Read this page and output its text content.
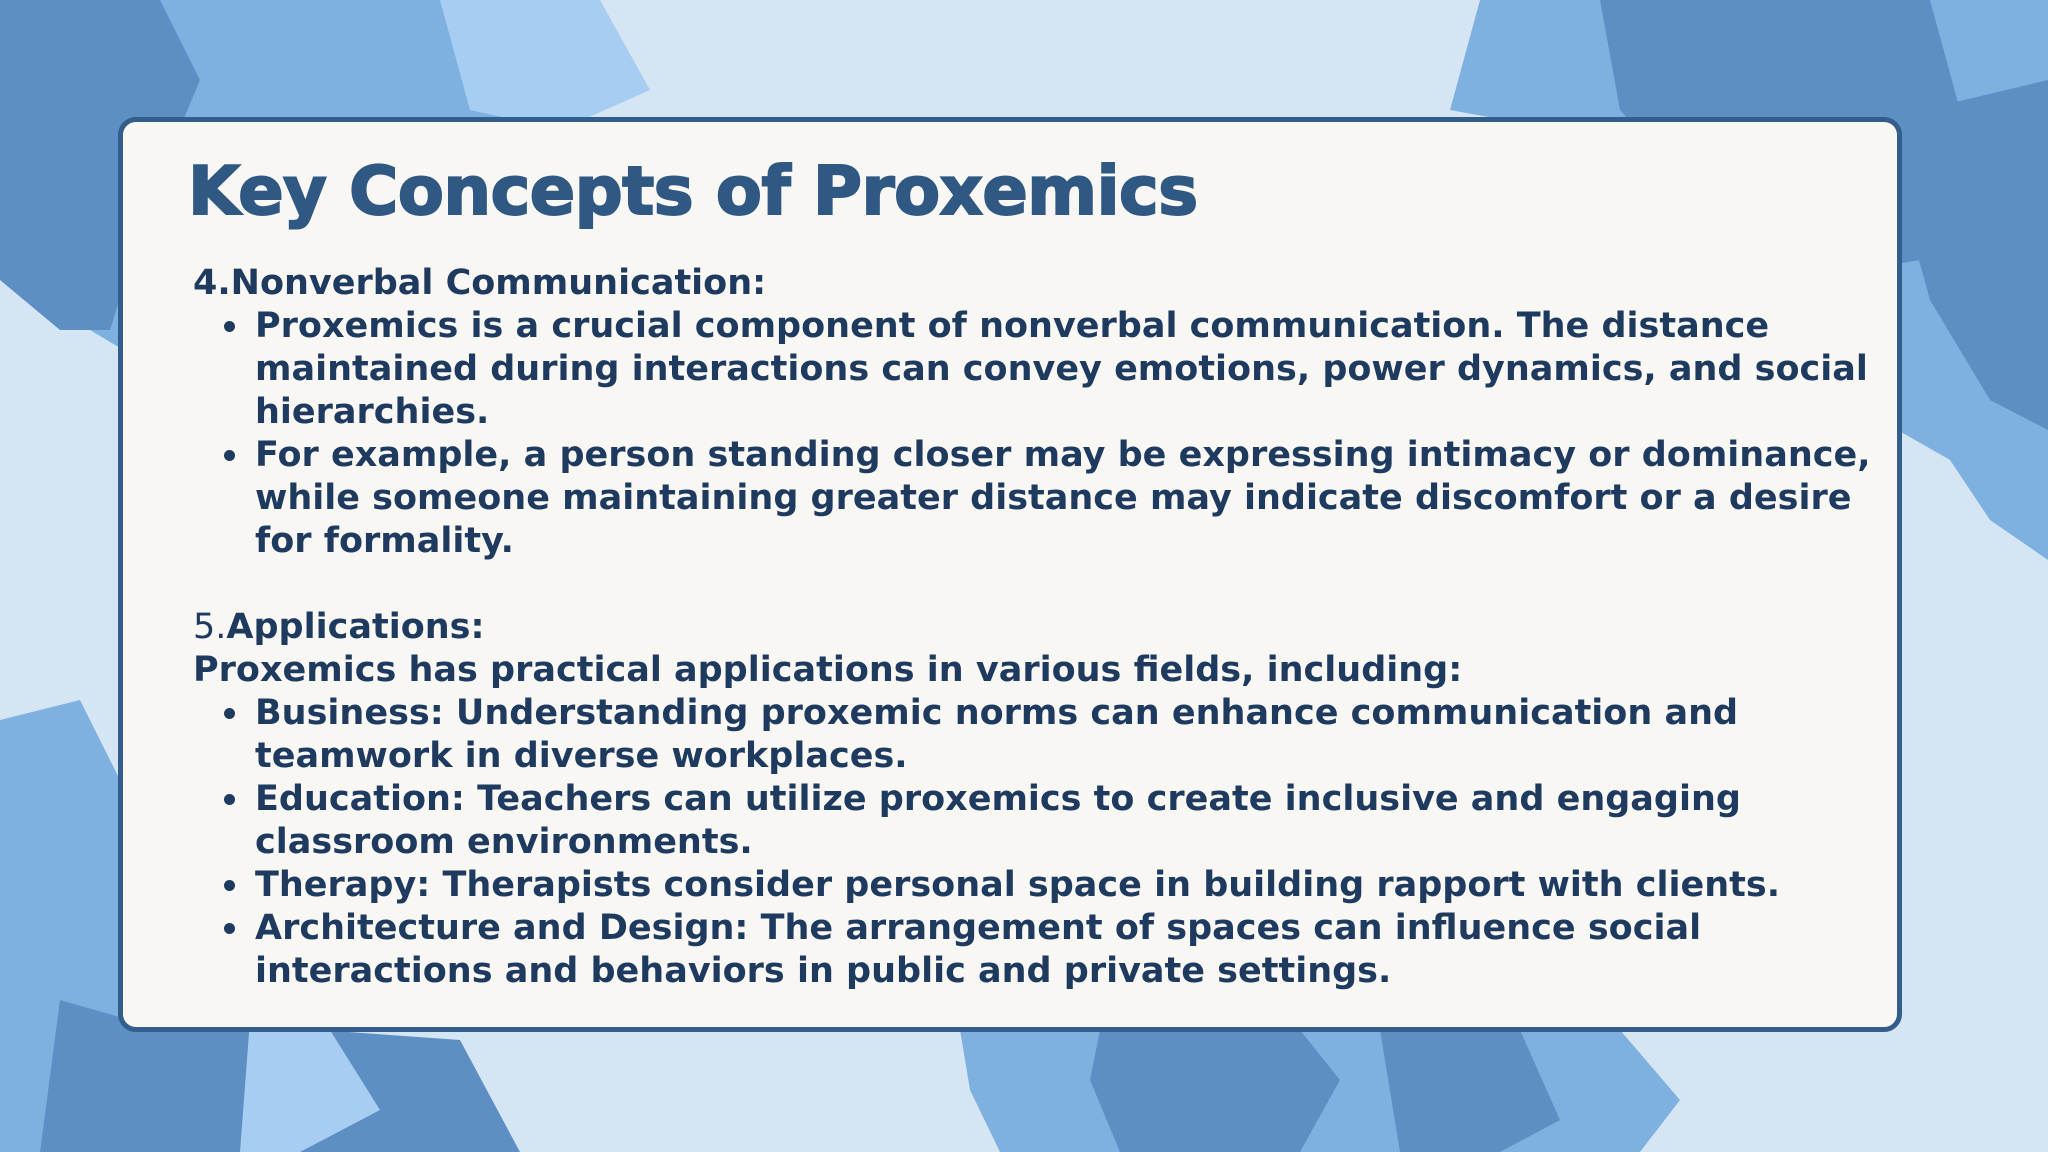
Key Concepts of Proxemics

4.Nonverbal Communication:

Proxemics is a crucial component of nonverbal communication. The distance maintained during interactions can convey emotions, power dynamics, and social hierarchies.
For example, a person standing closer may be expressing intimacy or dominance, while someone maintaining greater distance may indicate discomfort or a desire for formality.

5.Applications:

Proxemics has practical applications in various fields, including:

Business: Understanding proxemic norms can enhance communication and teamwork in diverse workplaces.
Education: Teachers can utilize proxemics to create inclusive and engaging classroom environments.
Therapy: Therapists consider personal space in building rapport with clients.
Architecture and Design: The arrangement of spaces can influence social interactions and behaviors in public and private settings.
